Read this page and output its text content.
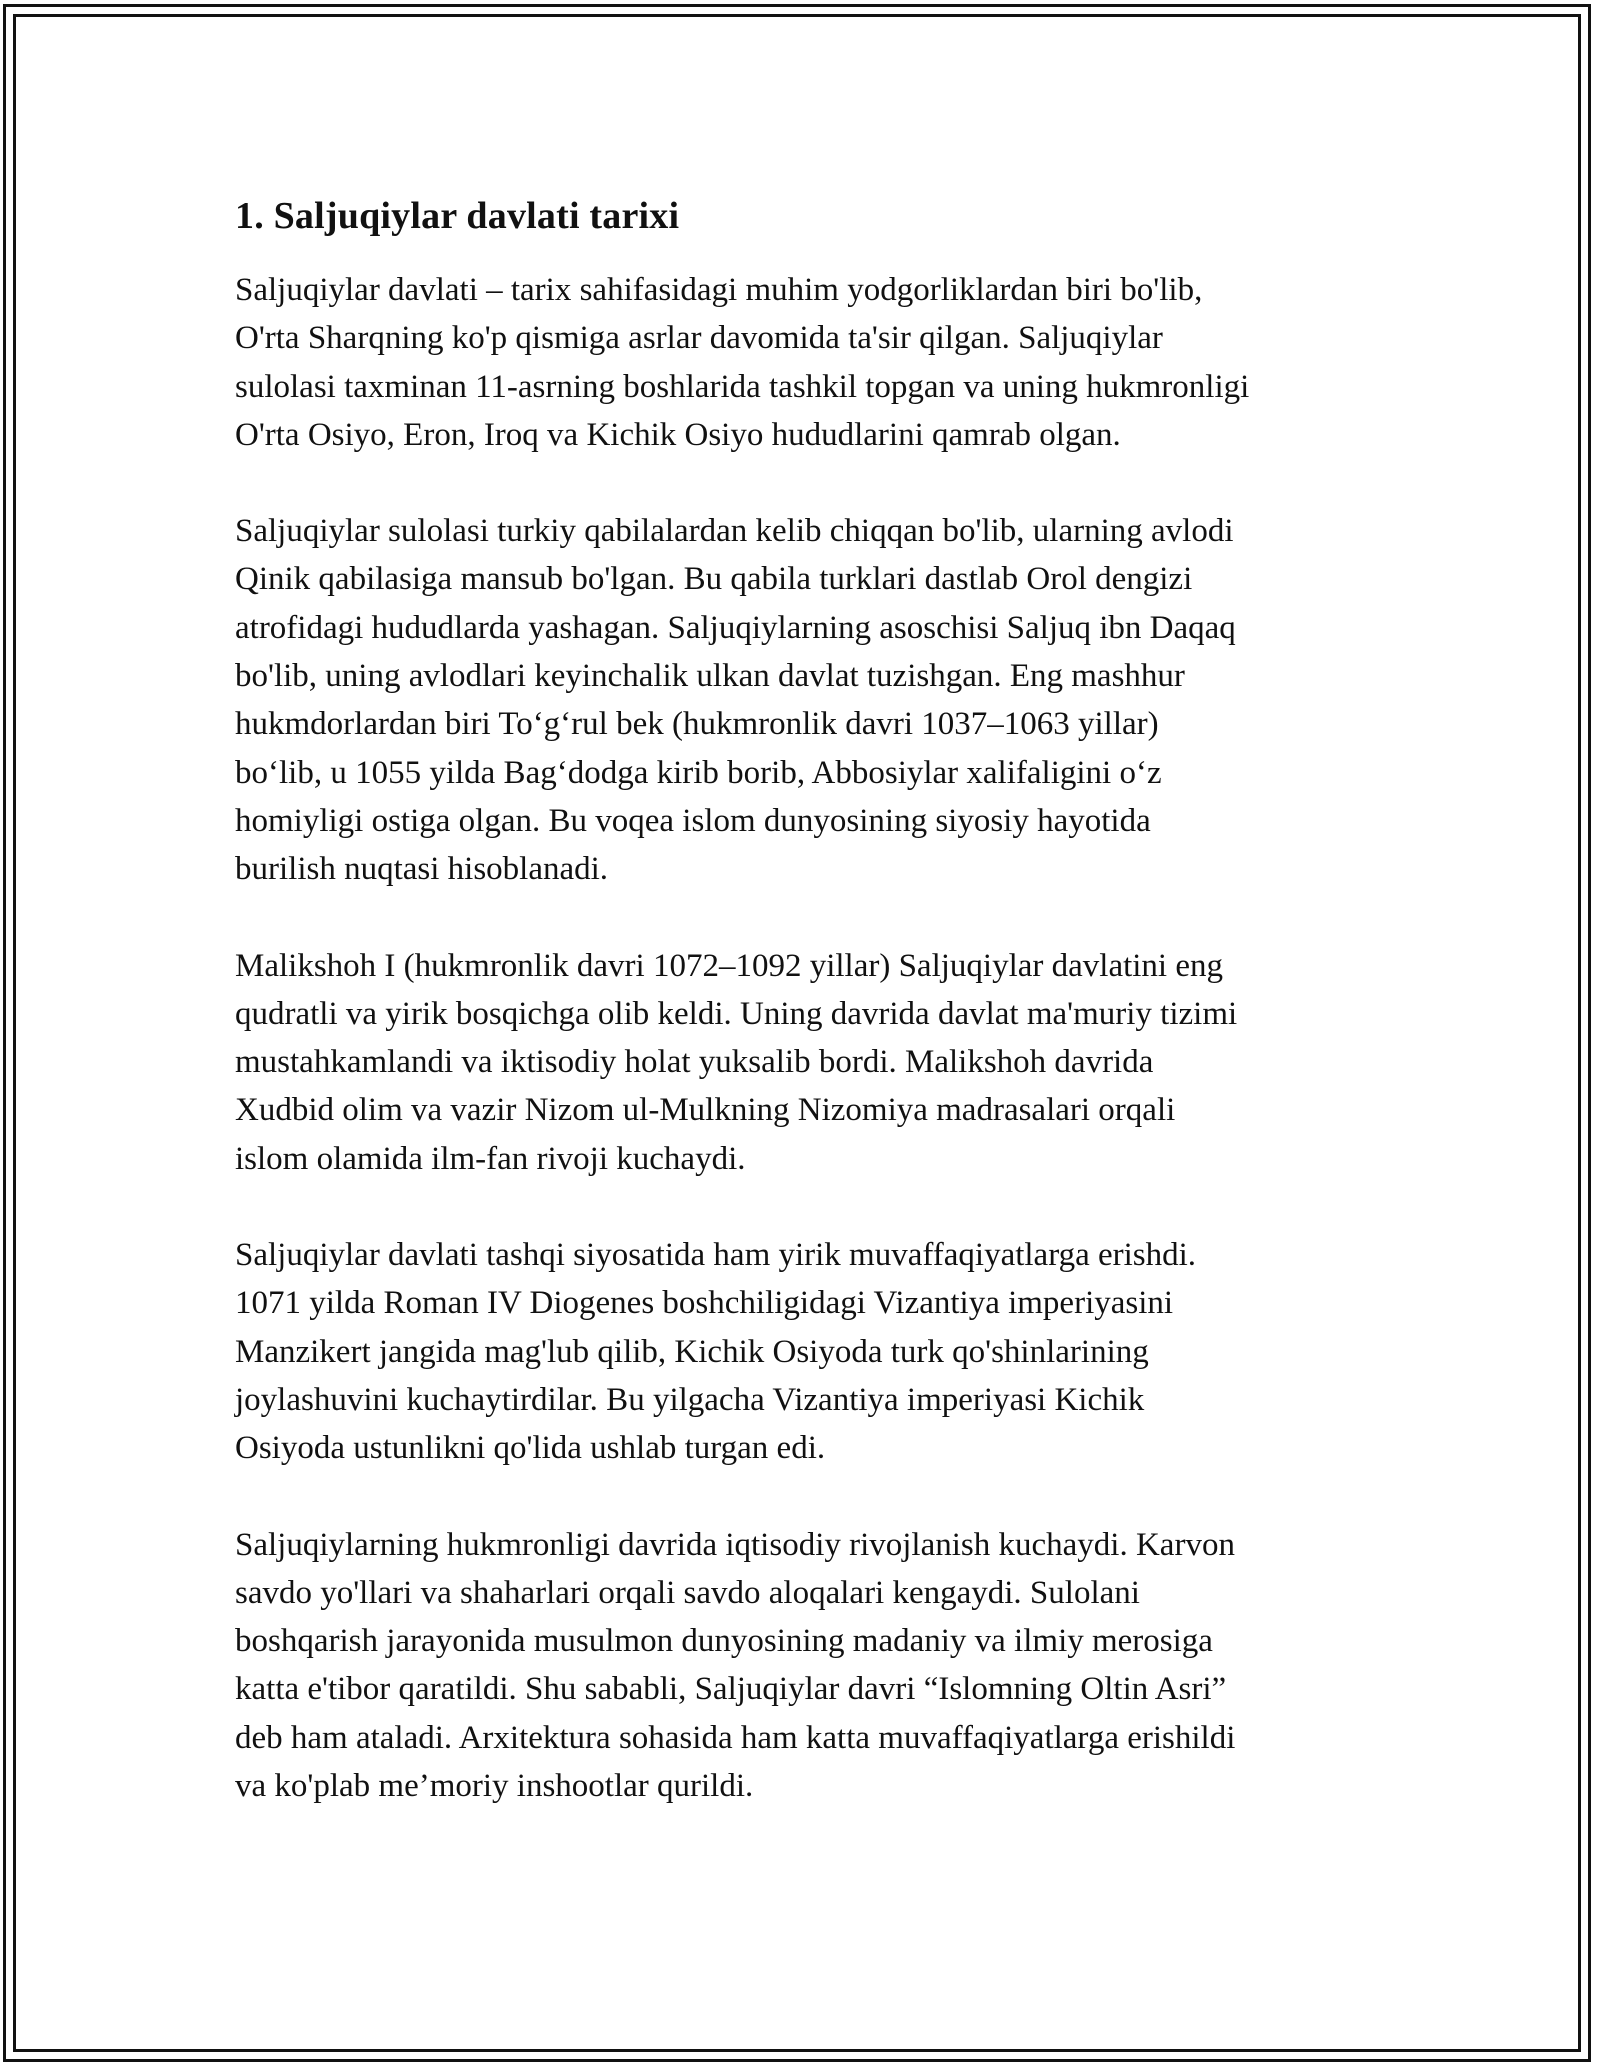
1. Saljuqiylar davlati tarixi

Saljuqiylar davlati – tarix sahifasidagi muhim yodgorliklardan biri bo'lib,
O'rta Sharqning ko'p qismiga asrlar davomida ta'sir qilgan. Saljuqiylar
sulolasi taxminan 11-asrning boshlarida tashkil topgan va uning hukmronligi
O'rta Osiyo, Eron, Iroq va Kichik Osiyo hududlarini qamrab olgan.

Saljuqiylar sulolasi turkiy qabilalardan kelib chiqqan bo'lib, ularning avlodi
Qinik qabilasiga mansub bo'lgan. Bu qabila turklari dastlab Orol dengizi
atrofidagi hududlarda yashagan. Saljuqiylarning asoschisi Saljuq ibn Daqaq
bo'lib, uning avlodlari keyinchalik ulkan davlat tuzishgan. Eng mashhur
hukmdorlardan biri To‘g‘rul bek (hukmronlik davri 1037–1063 yillar)
bo‘lib, u 1055 yilda Bag‘dodga kirib borib, Abbosiylar xalifaligini o‘z
homiyligi ostiga olgan. Bu voqea islom dunyosining siyosiy hayotida
burilish nuqtasi hisoblanadi.

Malikshoh I (hukmronlik davri 1072–1092 yillar) Saljuqiylar davlatini eng
qudratli va yirik bosqichga olib keldi. Uning davrida davlat ma'muriy tizimi
mustahkamlandi va iktisodiy holat yuksalib bordi. Malikshoh davrida
Xudbid olim va vazir Nizom ul-Mulkning Nizomiya madrasalari orqali
islom olamida ilm-fan rivoji kuchaydi.

Saljuqiylar davlati tashqi siyosatida ham yirik muvaffaqiyatlarga erishdi.
1071 yilda Roman IV Diogenes boshchiligidagi Vizantiya imperiyasini
Manzikert jangida mag'lub qilib, Kichik Osiyoda turk qo'shinlarining
joylashuvini kuchaytirdilar. Bu yilgacha Vizantiya imperiyasi Kichik
Osiyoda ustunlikni qo'lida ushlab turgan edi.

Saljuqiylarning hukmronligi davrida iqtisodiy rivojlanish kuchaydi. Karvon
savdo yo'llari va shaharlari orqali savdo aloqalari kengaydi. Sulolani
boshqarish jarayonida musulmon dunyosining madaniy va ilmiy merosiga
katta e'tibor qaratildi. Shu sababli, Saljuqiylar davri “Islomning Oltin Asri”
deb ham ataladi. Arxitektura sohasida ham katta muvaffaqiyatlarga erishildi
va ko'plab me’moriy inshootlar qurildi.
